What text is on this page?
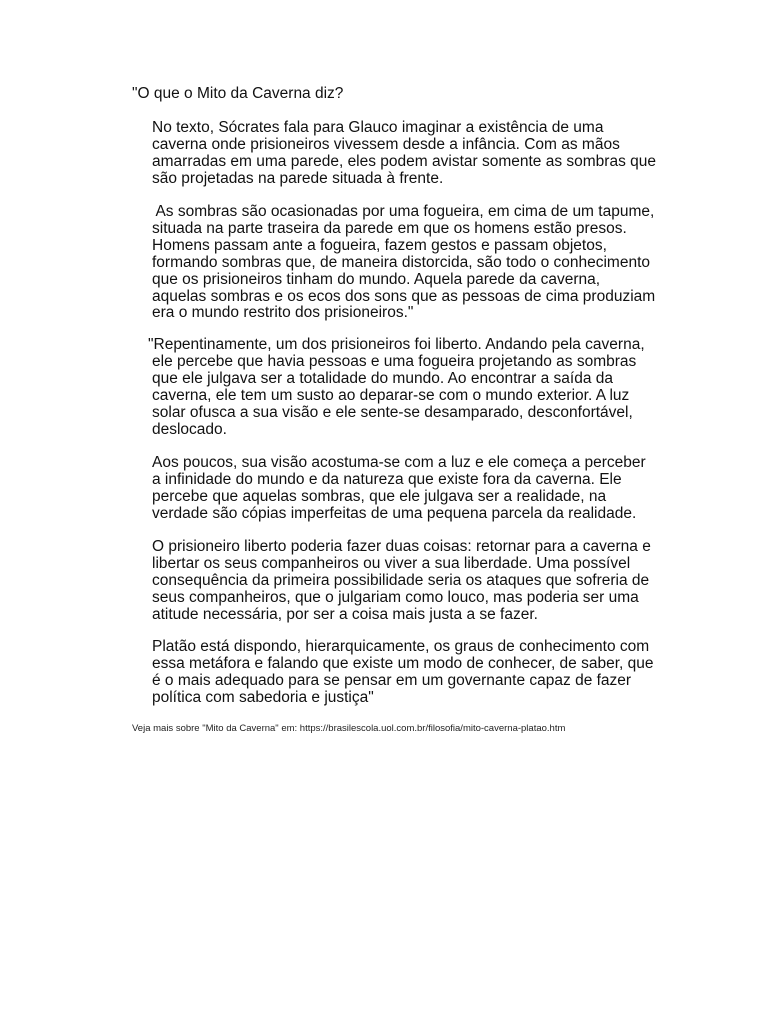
"O que o Mito da Caverna diz?

No texto, Sócrates fala para Glauco imaginar a existência de uma
caverna onde prisioneiros vivessem desde a infância. Com as mãos
amarradas em uma parede, eles podem avistar somente as sombras que
são projetadas na parede situada à frente.
As sombras são ocasionadas por uma fogueira, em cima de um tapume,
situada na parte traseira da parede em que os homens estão presos.
Homens passam ante a fogueira, fazem gestos e passam objetos,
formando sombras que, de maneira distorcida, são todo o conhecimento
que os prisioneiros tinham do mundo. Aquela parede da caverna,
aquelas sombras e os ecos dos sons que as pessoas de cima produziam
era o mundo restrito dos prisioneiros."
"Repentinamente, um dos prisioneiros foi liberto. Andando pela caverna,
ele percebe que havia pessoas e uma fogueira projetando as sombras
que ele julgava ser a totalidade do mundo. Ao encontrar a saída da
caverna, ele tem um susto ao deparar-se com o mundo exterior. A luz
solar ofusca a sua visão e ele sente-se desamparado, desconfortável,
deslocado.
Aos poucos, sua visão acostuma-se com a luz e ele começa a perceber
a infinidade do mundo e da natureza que existe fora da caverna. Ele
percebe que aquelas sombras, que ele julgava ser a realidade, na
verdade são cópias imperfeitas de uma pequena parcela da realidade.
O prisioneiro liberto poderia fazer duas coisas: retornar para a caverna e
libertar os seus companheiros ou viver a sua liberdade. Uma possível
consequência da primeira possibilidade seria os ataques que sofreria de
seus companheiros, que o julgariam como louco, mas poderia ser uma
atitude necessária, por ser a coisa mais justa a se fazer.
Platão está dispondo, hierarquicamente, os graus de conhecimento com
essa metáfora e falando que existe um modo de conhecer, de saber, que
é o mais adequado para se pensar em um governante capaz de fazer
política com sabedoria e justiça"

Veja mais sobre "Mito da Caverna" em: https://brasilescola.uol.com.br/filosofia/mito-caverna-platao.htm
